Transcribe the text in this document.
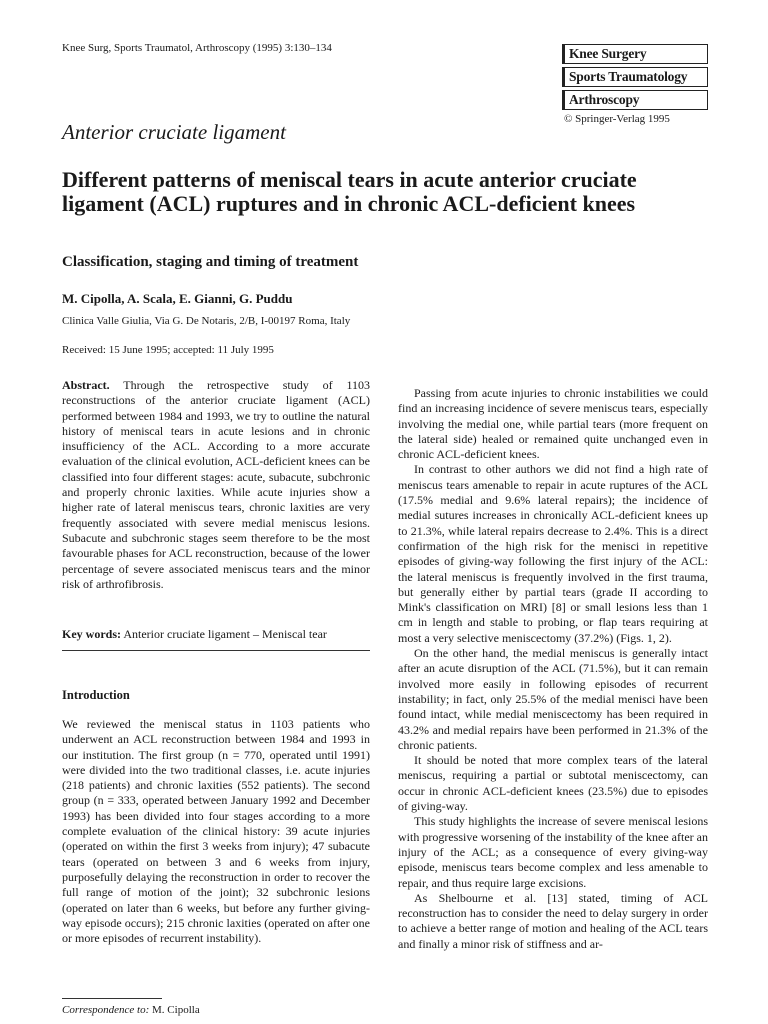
Knee Surg, Sports Traumatol, Arthroscopy (1995) 3:130–134	Knee Surgery
Sports Traumatology
Arthroscopy
© Springer-Verlag 1995
Anterior cruciate ligament
Different patterns of meniscal tears in acute anterior cruciate ligament (ACL) ruptures and in chronic ACL-deficient knees
Classification, staging and timing of treatment
M. Cipolla, A. Scala, E. Gianni, G. Puddu
Clinica Valle Giulia, Via G. De Notaris, 2/B, I-00197 Roma, Italy
Received: 15 June 1995; accepted: 11 July 1995

Abstract. Through the retrospective study of 1103 reconstructions of the anterior cruciate ligament (ACL) performed between 1984 and 1993, we try to outline the natural history of meniscal tears in acute lesions and in chronic insufficiency of the ACL. According to a more accurate evaluation of the clinical evolution, ACL-deficient knees can be classified into four different stages: acute, subacute, subchronic and properly chronic laxities. While acute injuries show a higher rate of lateral meniscus tears, chronic laxities are very frequently associated with severe medial meniscus lesions. Subacute and subchronic stages seem therefore to be the most favourable phases for ACL reconstruction, because of the lower percentage of severe associated meniscus tears and the minor risk of arthrofibrosis.

Key words: Anterior cruciate ligament – Meniscal tear
Introduction

We reviewed the meniscal status in 1103 patients who underwent an ACL reconstruction between 1984 and 1993 in our institution. The first group (n = 770, operated until 1991) were divided into the two traditional classes, i.e. acute injuries (218 patients) and chronic laxities (552 patients). The second group (n = 333, operated between January 1992 and December 1993) has been divided into four stages according to a more complete evaluation of the clinical history: 39 acute injuries (operated on within the first 3 weeks from injury); 47 subacute tears (operated on between 3 and 6 weeks from injury, purposefully delaying the reconstruction in order to recover the full range of motion of the joint); 32 subchronic lesions (operated on later than 6 weeks, but before any further giving-way episode occurs); 215 chronic laxities (operated on after one or more episodes of recurrent instability).

Passing from acute injuries to chronic instabilities we could find an increasing incidence of severe meniscus tears, especially involving the medial one, while partial tears (more frequent on the lateral side) healed or remained quite unchanged even in chronic ACL-deficient knees.

In contrast to other authors we did not find a high rate of meniscus tears amenable to repair in acute ruptures of the ACL (17.5% medial and 9.6% lateral repairs); the incidence of medial sutures increases in chronically ACL-deficient knees up to 21.3%, while lateral repairs decrease to 2.4%. This is a direct confirmation of the high risk for the menisci in repetitive episodes of giving-way following the first injury of the ACL: the lateral meniscus is frequently involved in the first trauma, but generally either by partial tears (grade II according to Mink's classification on MRI) [8] or small lesions less than 1 cm in length and stable to probing, or flap tears requiring at most a very selective meniscectomy (37.2%) (Figs. 1, 2).

On the other hand, the medial meniscus is generally intact after an acute disruption of the ACL (71.5%), but it can remain involved more easily in following episodes of recurrent instability; in fact, only 25.5% of the medial menisci have been found intact, while medial meniscectomy has been required in 43.2% and medial repairs have been performed in 21.3% of the chronic patients.

It should be noted that more complex tears of the lateral meniscus, requiring a partial or subtotal meniscectomy, can occur in chronic ACL-deficient knees (23.5%) due to episodes of giving-way.

This study highlights the increase of severe meniscal lesions with progressive worsening of the instability of the knee after an injury of the ACL; as a consequence of every giving-way episode, meniscus tears become complex and less amenable to repair, and thus require large excisions.

As Shelbourne et al. [13] stated, timing of ACL reconstruction has to consider the need to delay surgery in order to achieve a better range of motion and healing of the ACL tears and finally a minor risk of stiffness and ar-

Correspondence to: M. Cipolla
